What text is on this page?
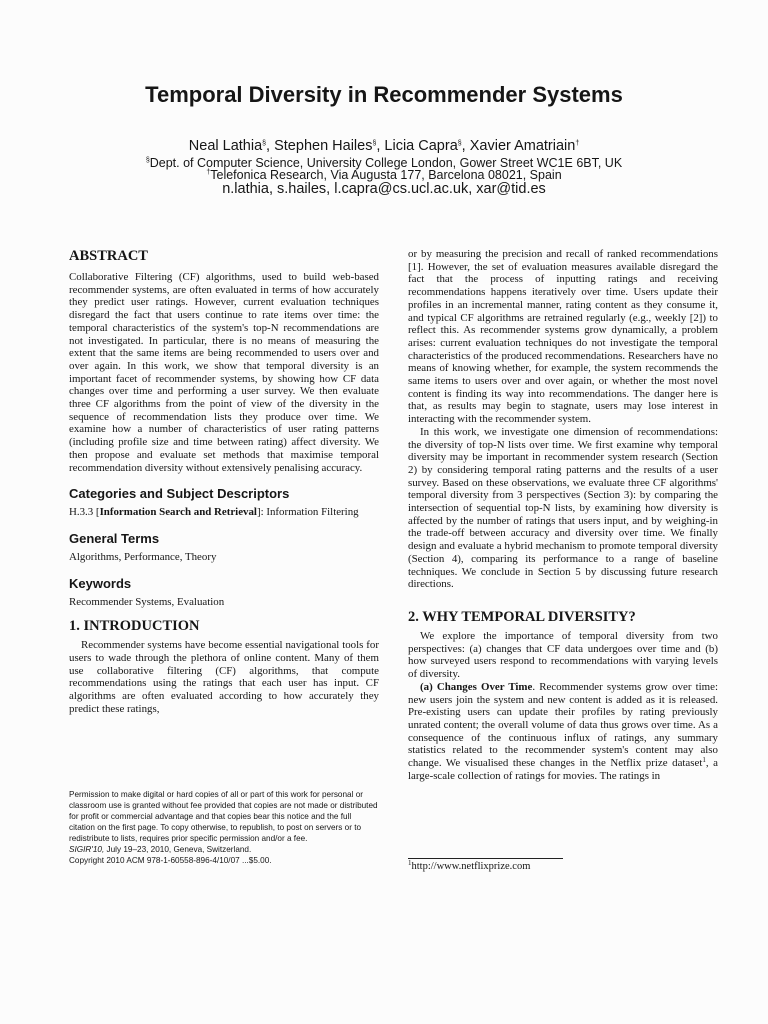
Temporal Diversity in Recommender Systems
Neal Lathia§, Stephen Hailes§, Licia Capra§, Xavier Amatriain†
§Dept. of Computer Science, University College London, Gower Street WC1E 6BT, UK
†Telefonica Research, Via Augusta 177, Barcelona 08021, Spain
n.lathia, s.hailes, l.capra@cs.ucl.ac.uk, xar@tid.es
ABSTRACT

Collaborative Filtering (CF) algorithms, used to build web-based recommender systems, are often evaluated in terms of how accurately they predict user ratings. However, current evaluation techniques disregard the fact that users continue to rate items over time: the temporal characteristics of the system's top-N recommendations are not investigated. In particular, there is no means of measuring the extent that the same items are being recommended to users over and over again. In this work, we show that temporal diversity is an important facet of recommender systems, by showing how CF data changes over time and performing a user survey. We then evaluate three CF algorithms from the point of view of the diversity in the sequence of recommendation lists they produce over time. We examine how a number of characteristics of user rating patterns (including profile size and time between rating) affect diversity. We then propose and evaluate set methods that maximise temporal recommendation diversity without extensively penalising accuracy.

Categories and Subject Descriptors

H.3.3 [Information Search and Retrieval]: Information Filtering

General Terms

Algorithms, Performance, Theory

Keywords

Recommender Systems, Evaluation

1. INTRODUCTION

Recommender systems have become essential navigational tools for users to wade through the plethora of online content. Many of them use collaborative filtering (CF) algorithms, that compute recommendations using the ratings that each user has input. CF algorithms are often evaluated according to how accurately they predict these ratings,

Permission to make digital or hard copies of all or part of this work for personal or classroom use is granted without fee provided that copies are not made or distributed for profit or commercial advantage and that copies bear this notice and the full citation on the first page. To copy otherwise, to republish, to post on servers or to redistribute to lists, requires prior specific permission and/or a fee.
SIGIR'10, July 19–23, 2010, Geneva, Switzerland.
Copyright 2010 ACM 978-1-60558-896-4/10/07 ...$5.00.

or by measuring the precision and recall of ranked recommendations [1]. However, the set of evaluation measures available disregard the fact that the process of inputting ratings and receiving recommendations happens iteratively over time. Users update their profiles in an incremental manner, rating content as they consume it, and typical CF algorithms are retrained regularly (e.g., weekly [2]) to reflect this. As recommender systems grow dynamically, a problem arises: current evaluation techniques do not investigate the temporal characteristics of the produced recommendations. Researchers have no means of knowing whether, for example, the system recommends the same items to users over and over again, or whether the most novel content is finding its way into recommendations. The danger here is that, as results may begin to stagnate, users may lose interest in interacting with the recommender system.

In this work, we investigate one dimension of recommendations: the diversity of top-N lists over time. We first examine why temporal diversity may be important in recommender system research (Section 2) by considering temporal rating patterns and the results of a user survey. Based on these observations, we evaluate three CF algorithms' temporal diversity from 3 perspectives (Section 3): by comparing the intersection of sequential top-N lists, by examining how diversity is affected by the number of ratings that users input, and by weighing-in the trade-off between accuracy and diversity over time. We finally design and evaluate a hybrid mechanism to promote temporal diversity (Section 4), comparing its performance to a range of baseline techniques. We conclude in Section 5 by discussing future research directions.

2. WHY TEMPORAL DIVERSITY?

We explore the importance of temporal diversity from two perspectives: (a) changes that CF data undergoes over time and (b) how surveyed users respond to recommendations with varying levels of diversity.

(a) Changes Over Time. Recommender systems grow over time: new users join the system and new content is added as it is released. Pre-existing users can update their profiles by rating previously unrated content; the overall volume of data thus grows over time. As a consequence of the continuous influx of ratings, any summary statistics related to the recommender system's content may also change. We visualised these changes in the Netflix prize dataset$^1$, a large-scale collection of ratings for movies. The ratings in

$^1$http://www.netflixprize.com
